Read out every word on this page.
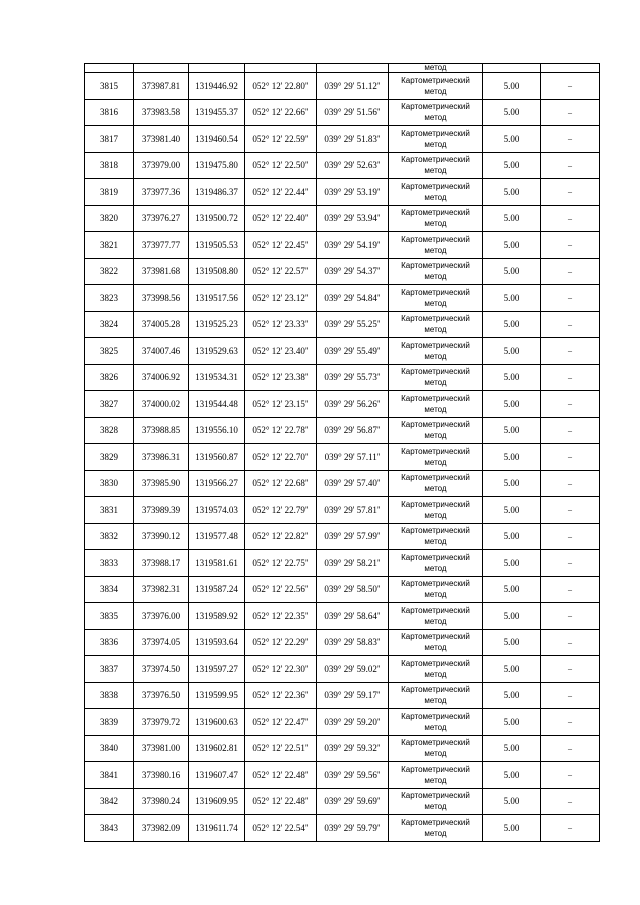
					метод		
3815	373987.81	1319446.92	052° 12' 22.80"	039° 29' 51.12"	Картометрический метод	5.00	–
3816	373983.58	1319455.37	052° 12' 22.66"	039° 29' 51.56"	Картометрический метод	5.00	–
3817	373981.40	1319460.54	052° 12' 22.59"	039° 29' 51.83"	Картометрический метод	5.00	–
3818	373979.00	1319475.80	052° 12' 22.50"	039° 29' 52.63"	Картометрический метод	5.00	–
3819	373977.36	1319486.37	052° 12' 22.44"	039° 29' 53.19"	Картометрический метод	5.00	–
3820	373976.27	1319500.72	052° 12' 22.40"	039° 29' 53.94"	Картометрический метод	5.00	–
3821	373977.77	1319505.53	052° 12' 22.45"	039° 29' 54.19"	Картометрический метод	5.00	–
3822	373981.68	1319508.80	052° 12' 22.57"	039° 29' 54.37"	Картометрический метод	5.00	–
3823	373998.56	1319517.56	052° 12' 23.12"	039° 29' 54.84"	Картометрический метод	5.00	–
3824	374005.28	1319525.23	052° 12' 23.33"	039° 29' 55.25"	Картометрический метод	5.00	–
3825	374007.46	1319529.63	052° 12' 23.40"	039° 29' 55.49"	Картометрический метод	5.00	–
3826	374006.92	1319534.31	052° 12' 23.38"	039° 29' 55.73"	Картометрический метод	5.00	–
3827	374000.02	1319544.48	052° 12' 23.15"	039° 29' 56.26"	Картометрический метод	5.00	–
3828	373988.85	1319556.10	052° 12' 22.78"	039° 29' 56.87"	Картометрический метод	5.00	–
3829	373986.31	1319560.87	052° 12' 22.70"	039° 29' 57.11"	Картометрический метод	5.00	–
3830	373985.90	1319566.27	052° 12' 22.68"	039° 29' 57.40"	Картометрический метод	5.00	–
3831	373989.39	1319574.03	052° 12' 22.79"	039° 29' 57.81"	Картометрический метод	5.00	–
3832	373990.12	1319577.48	052° 12' 22.82"	039° 29' 57.99"	Картометрический метод	5.00	–
3833	373988.17	1319581.61	052° 12' 22.75"	039° 29' 58.21"	Картометрический метод	5.00	–
3834	373982.31	1319587.24	052° 12' 22.56"	039° 29' 58.50"	Картометрический метод	5.00	–
3835	373976.00	1319589.92	052° 12' 22.35"	039° 29' 58.64"	Картометрический метод	5.00	–
3836	373974.05	1319593.64	052° 12' 22.29"	039° 29' 58.83"	Картометрический метод	5.00	–
3837	373974.50	1319597.27	052° 12' 22.30"	039° 29' 59.02"	Картометрический метод	5.00	–
3838	373976.50	1319599.95	052° 12' 22.36"	039° 29' 59.17"	Картометрический метод	5.00	–
3839	373979.72	1319600.63	052° 12' 22.47"	039° 29' 59.20"	Картометрический метод	5.00	–
3840	373981.00	1319602.81	052° 12' 22.51"	039° 29' 59.32"	Картометрический метод	5.00	–
3841	373980.16	1319607.47	052° 12' 22.48"	039° 29' 59.56"	Картометрический метод	5.00	–
3842	373980.24	1319609.95	052° 12' 22.48"	039° 29' 59.69"	Картометрический метод	5.00	–
3843	373982.09	1319611.74	052° 12' 22.54"	039° 29' 59.79"	Картометрический метод	5.00	–
